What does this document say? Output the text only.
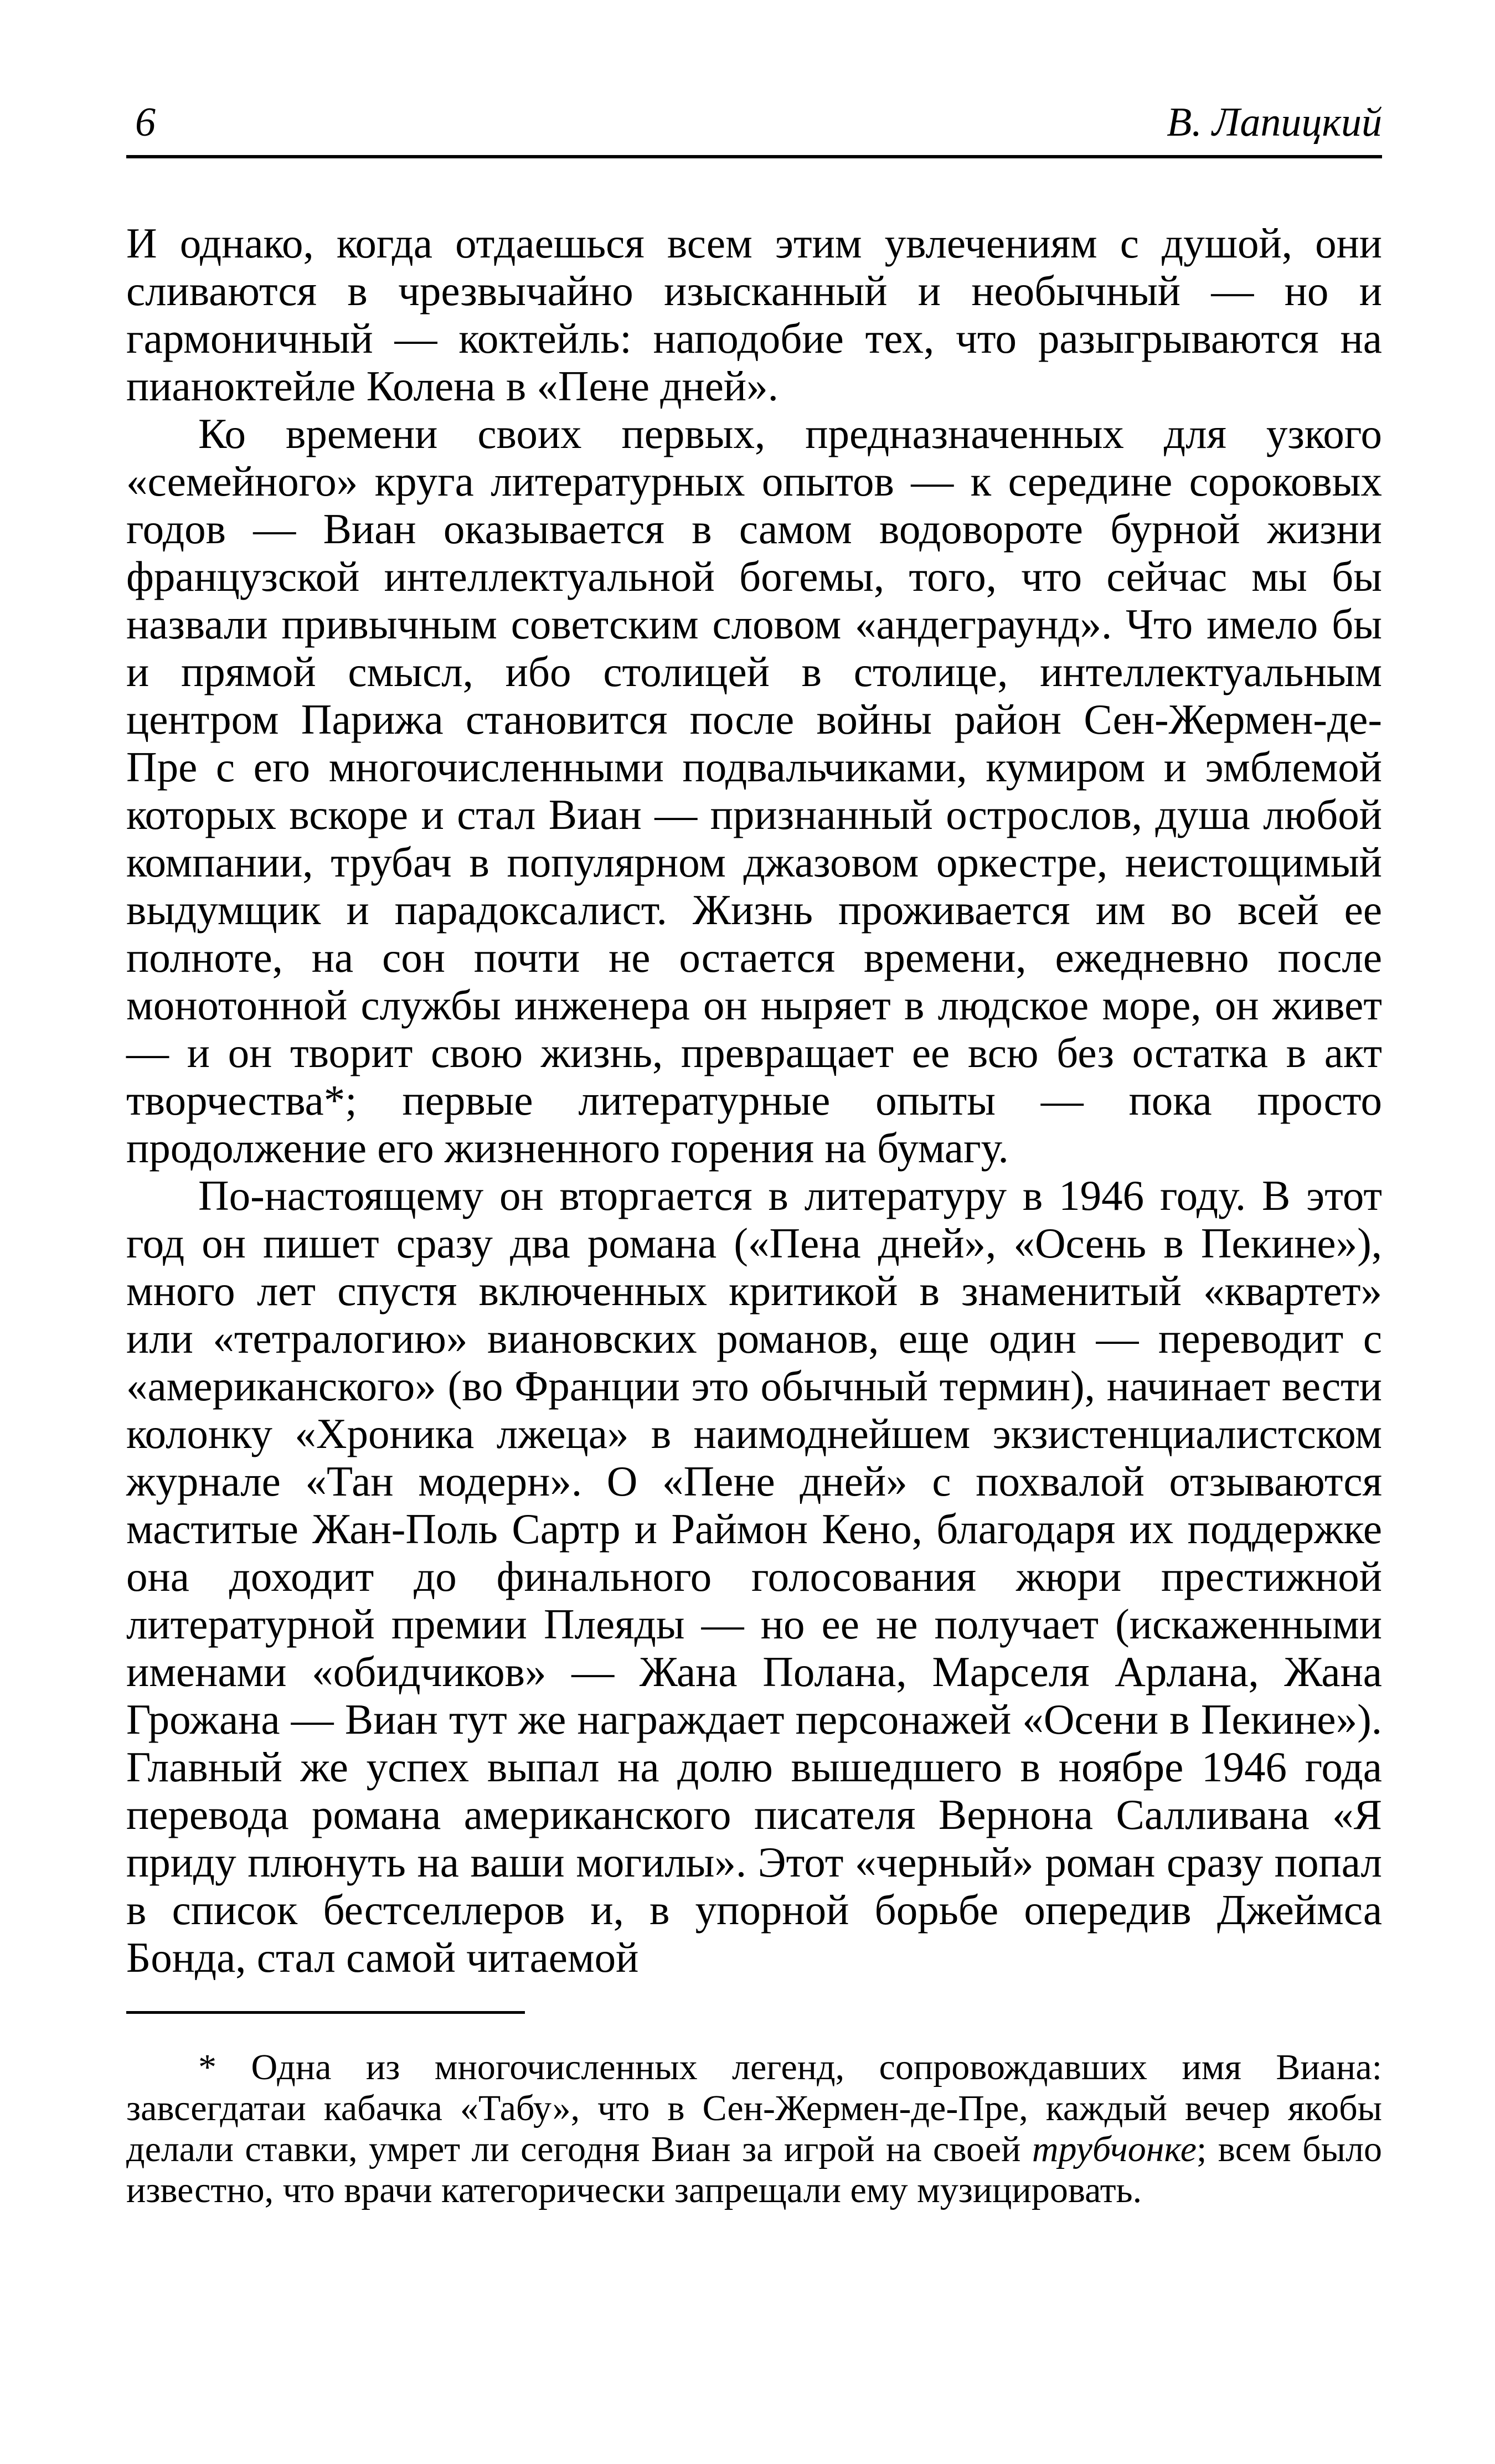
6	В. Лапицкий

И однако, когда отдаешься всем этим увлечениям с душой, они сливаются в чрезвычайно изысканный и необычный — но и гармоничный — коктейль: наподобие тех, что разыгрываются на пианоктейле Колена в «Пене дней».

Ко времени своих первых, предназначенных для узкого «семейного» круга литературных опытов — к середине сороковых годов — Виан оказывается в самом водовороте бурной жизни французской интеллектуальной богемы, того, что сейчас мы бы назвали привычным советским словом «андеграунд». Что имело бы и прямой смысл, ибо столицей в столице, интеллектуальным центром Парижа становится после войны район Сен-Жермен-де-Пре с его многочисленными подвальчиками, кумиром и эмблемой которых вскоре и стал Виан — признанный острослов, душа любой компании, трубач в популярном джазовом оркестре, неистощимый выдумщик и парадоксалист. Жизнь проживается им во всей ее полноте, на сон почти не остается времени, ежедневно после монотонной службы инженера он ныряет в людское море, он живет — и он творит свою жизнь, превращает ее всю без остатка в акт творчества*; первые литературные опыты — пока просто продолжение его жизненного горения на бумагу.

По-настоящему он вторгается в литературу в 1946 году. В этот год он пишет сразу два романа («Пена дней», «Осень в Пекине»), много лет спустя включенных критикой в знаменитый «квартет» или «тетралогию» виановских романов, еще один — переводит с «американского» (во Франции это обычный термин), начинает вести колонку «Хроника лжеца» в наимоднейшем экзистенциалистском журнале «Тан модерн». О «Пене дней» с похвалой отзываются маститые Жан-Поль Сартр и Раймон Кено, благодаря их поддержке она доходит до финального голосования жюри престижной литературной премии Плеяды — но ее не получает (искаженными именами «обидчиков» — Жана Полана, Марселя Арлана, Жана Грожана — Виан тут же награждает персонажей «Осени в Пекине»). Главный же успех выпал на долю вышедшего в ноябре 1946 года перевода романа американского писателя Вернона Салливана «Я приду плюнуть на ваши могилы». Этот «черный» роман сразу попал в список бестселлеров и, в упорной борьбе опередив Джеймса Бонда, стал самой читаемой

* Одна из многочисленных легенд, сопровождавших имя Виана: завсегдатаи кабачка «Табу», что в Сен-Жермен-де-Пре, каждый вечер якобы делали ставки, умрет ли сегодня Виан за игрой на своей трубчонке; всем было известно, что врачи категорически запрещали ему музицировать.
